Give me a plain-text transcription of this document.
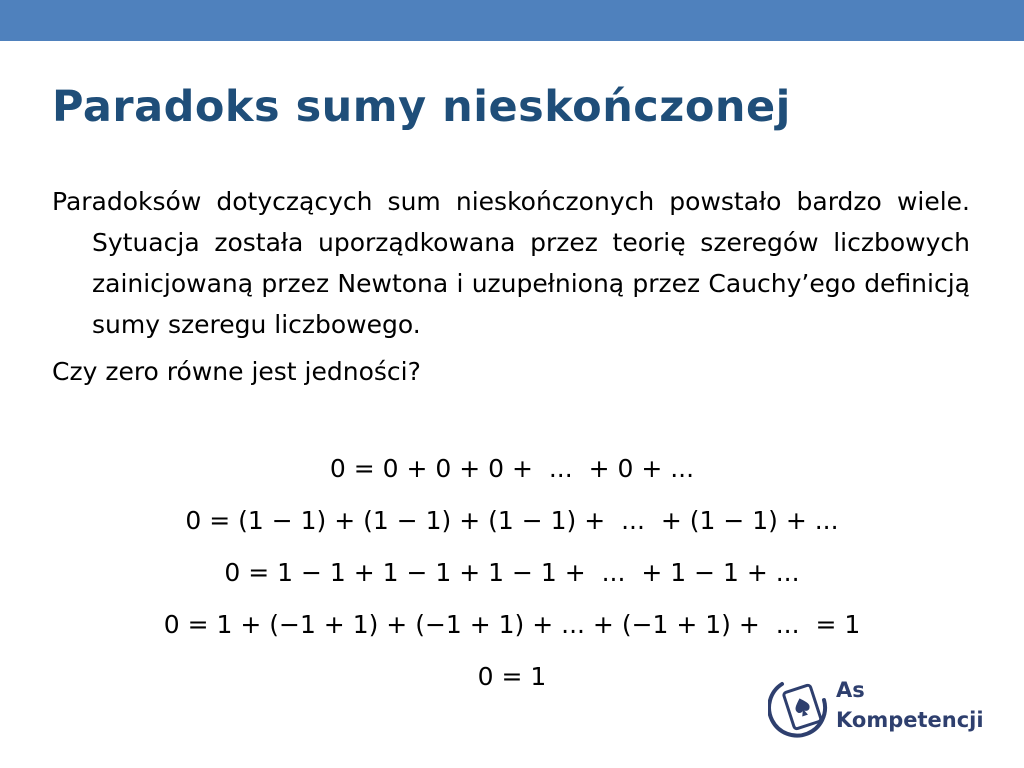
Paradoks sumy nieskończonej

Paradoksów dotyczących sum nieskończonych powstało bardzo wiele. Sytuacja została uporządkowana przez teorię szeregów liczbowych zainicjowaną przez Newtona i uzupełnioną przez Cauchy’ego definicją sumy szeregu liczbowego.

Czy zero równe jest jedności?

0 = 0 + 0 + 0 +  ...  + 0 + ...

0 = (1 − 1) + (1 − 1) + (1 − 1) +  ...  + (1 − 1) + ...

0 = 1 − 1 + 1 − 1 + 1 − 1 +  ...  + 1 − 1 + ...

0 = 1 + (−1 + 1) + (−1 + 1) + ... + (−1 + 1) +  ...  = 1

0 = 1	As
Kompetencji
